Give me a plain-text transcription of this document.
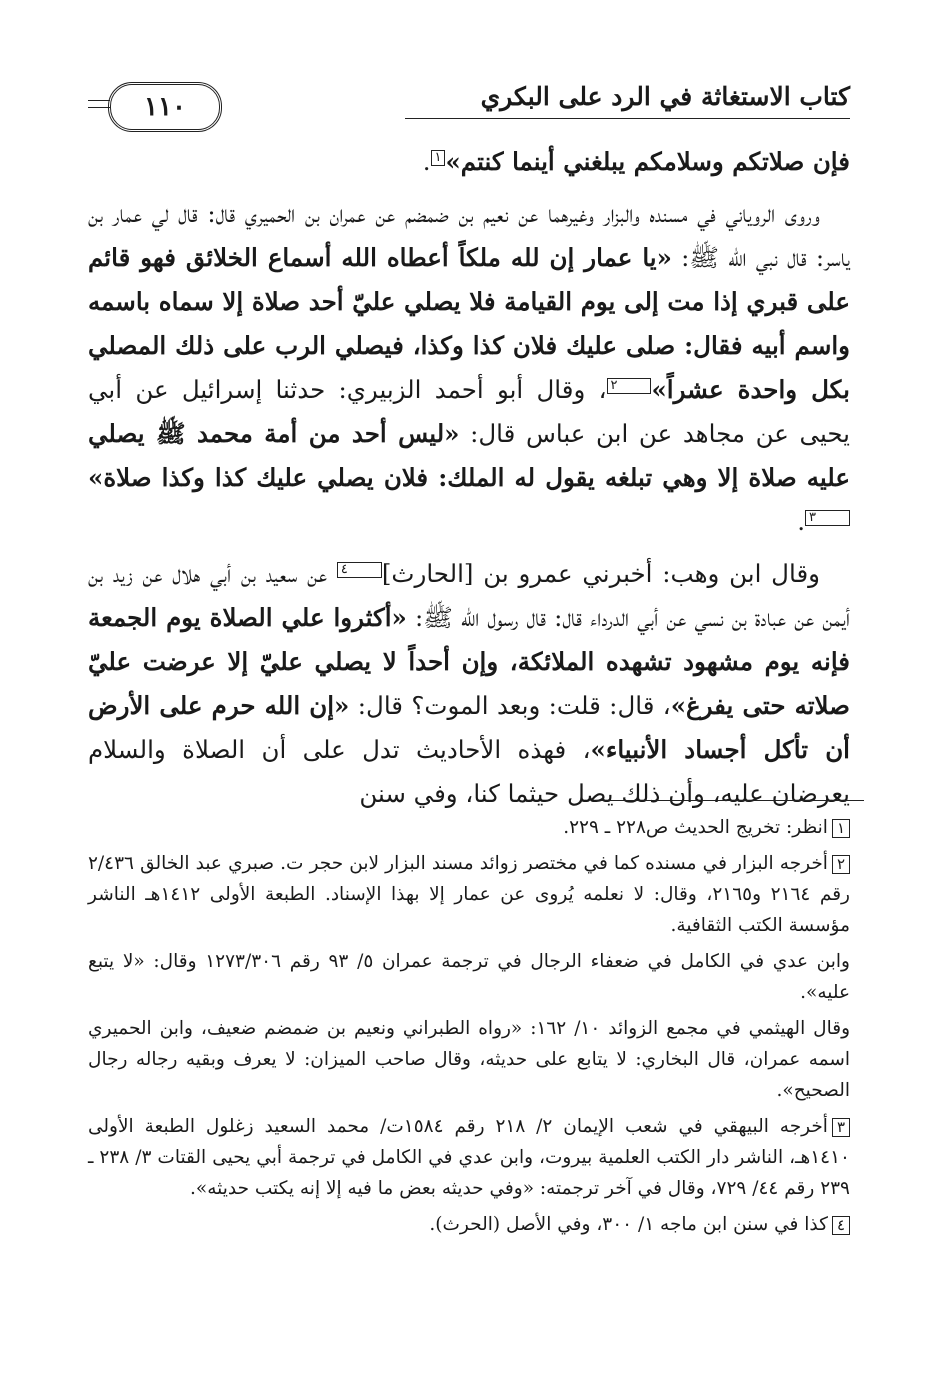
كتاب الاستغاثة في الرد على البكري
١١٠

فإن صلاتكم وسلامكم يبلغني أينما كنتم»$^١$.

وروى الروياني في مسنده والبزار وغيرهما عن نعيم بن ضمضم عن عمران بن الحميري قال: قال لي عمار بن ياسر: قال نبي الله ﷺ: «يا عمار إن لله ملكاً أعطاه الله أسماع الخلائق فهو قائم على قبري إذا مت إلى يوم القيامة فلا يصلي عليّ أحد صلاة إلا سماه باسمه واسم أبيه فقال: صلى عليك فلان كذا وكذا، فيصلي الرب على ذلك المصلي بكل واحدة عشراً»$^٢$، وقال أبو أحمد الزبيري: حدثنا إسرائيل عن أبي يحيى عن مجاهد عن ابن عباس قال: «ليس أحد من أمة محمد ﷺ يصلي عليه صلاة إلا وهي تبلغه يقول له الملك: فلان يصلي عليك كذا وكذا صلاة»$^٣$.

وقال ابن وهب: أخبرني عمرو بن [الحارث]$^٤$ عن سعيد بن أبي هلال عن زيد بن أيمن عن عبادة بن نسي عن أبي الدرداء قال: قال رسول الله ﷺ: «أكثروا علي الصلاة يوم الجمعة فإنه يوم مشهود تشهده الملائكة، وإن أحداً لا يصلي عليّ إلا عرضت عليّ صلاته حتى يفرغ»، قال: قلت: وبعد الموت؟ قال: «إن الله حرم على الأرض أن تأكل أجساد الأنبياء»، فهذه الأحاديث تدل على أن الصلاة والسلام يعرضان عليه، وأن ذلك يصل حيثما كنا، وفي سنن

١انظر: تخريج الحديث ص٢٢٨ ـ ٢٢٩.

٢أخرجه البزار في مسنده كما في مختصر زوائد مسند البزار لابن حجر ت. صبري عبد الخالق ٢/٤٣٦ رقم ٢١٦٤ و٢١٦٥، وقال: لا نعلمه يُروى عن عمار إلا بهذا الإسناد. الطبعة الأولى ١٤١٢هـ الناشر مؤسسة الكتب الثقافية.

وابن عدي في الكامل في ضعفاء الرجال في ترجمة عمران ٥/ ٩٣ رقم ١٢٧٣/٣٠٦ وقال: «لا يتبع عليه».

وقال الهيثمي في مجمع الزوائد ١٠/ ١٦٢: «رواه الطبراني ونعيم بن ضمضم ضعيف، وابن الحميري اسمه عمران، قال البخاري: لا يتابع على حديثه، وقال صاحب الميزان: لا يعرف وبقيه رجاله رجال الصحيح».

٣أخرجه البيهقي في شعب الإيمان ٢/ ٢١٨ رقم ١٥٨٤ت/ محمد السعيد زغلول الطبعة الأولى ١٤١٠هـ، الناشر دار الكتب العلمية بيروت، وابن عدي في الكامل في ترجمة أبي يحيى القتات ٣/ ٢٣٨ ـ ٢٣٩ رقم ٤٤/ ٧٢٩، وقال في آخر ترجمته: «وفي حديثه بعض ما فيه إلا إنه يكتب حديثه».

٤كذا في سنن ابن ماجه ١/ ٣٠٠، وفي الأصل (الحرث).
